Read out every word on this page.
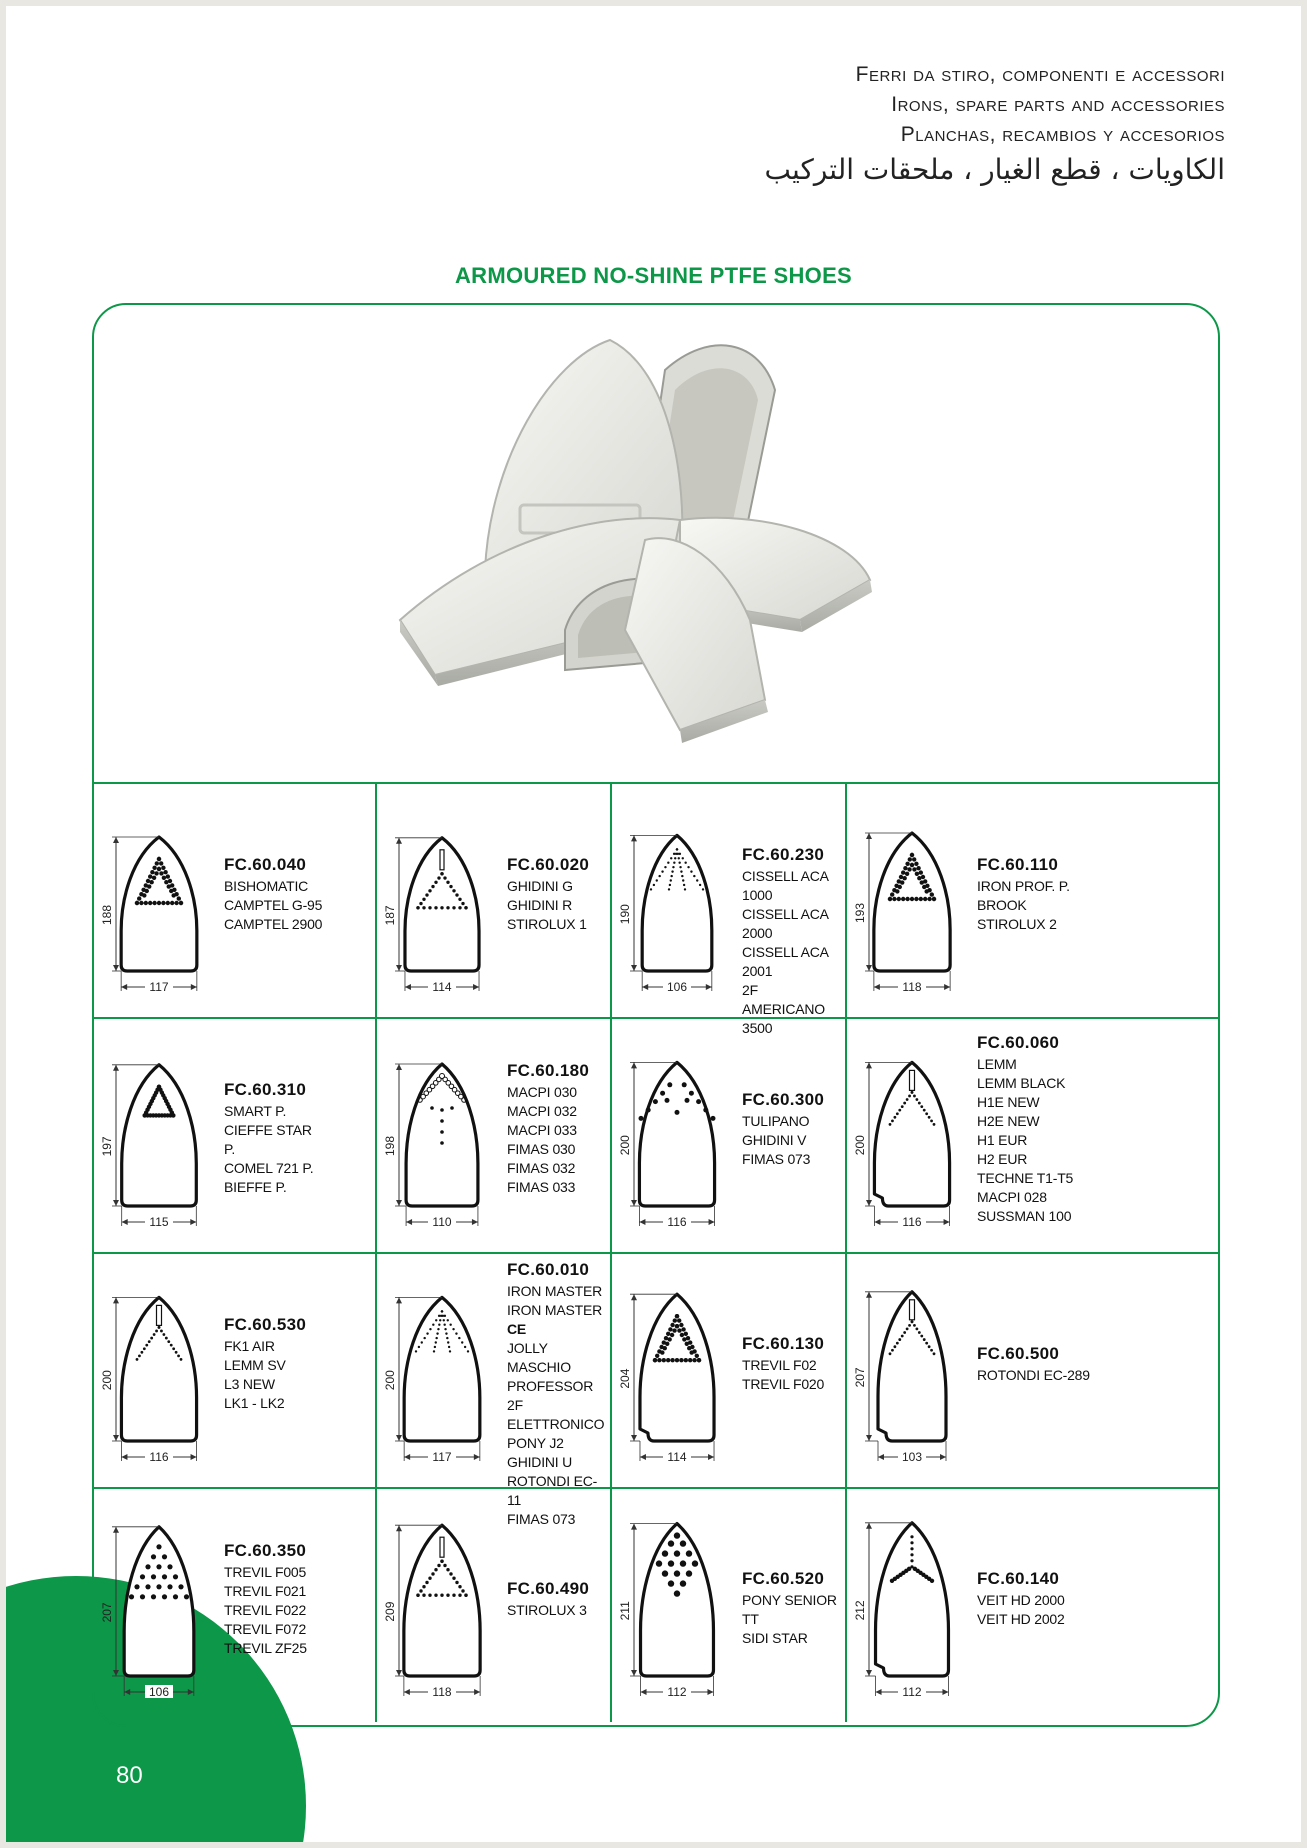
80
Ferri da stiro, componenti e accessori
Irons, spare parts and accessories
Planchas, recambios y accesorios
الكاويات ، قطع الغيار ، ملحقات التركيب
ARMOURED NO-SHINE PTFE SHOES
188
117
FC.60.040
BISHOMATIC
CAMPTEL G-95
CAMPTEL 2900	187
114
FC.60.020
GHIDINI G
GHIDINI R
STIROLUX 1	190
106
FC.60.230
CISSELL ACA 1000
CISSELL ACA 2000
CISSELL ACA 2001
2F AMERICANO 3500
193
118
FC.60.110
IRON PROF. P.
BROOK
STIROLUX 2
197
115
FC.60.310
SMART P.
CIEFFE STAR P.
COMEL 721 P.
BIEFFE P.
198
110
FC.60.180
MACPI 030
MACPI 032
MACPI 033
FIMAS 030
FIMAS 032
FIMAS 033
200
116
FC.60.300
TULIPANO
GHIDINI V
FIMAS 073
200
116
FC.60.060
LEMM
LEMM BLACK
H1E NEW
H2E NEW
H1 EUR
H2 EUR
TECHNE T1-T5
MACPI 028
SUSSMAN 100
200
116
FC.60.530
FK1 AIR
LEMM SV
L3 NEW
LK1 - LK2
200
117
FC.60.010
IRON MASTER
IRON MASTER CE
JOLLY
MASCHIO
PROFESSOR
2F ELETTRONICO
PONY J2
GHIDINI U
ROTONDI EC-11
FIMAS 073
204
114
FC.60.130
TREVIL F02
TREVIL F020 207
103
FC.60.500
ROTONDI EC-289
207
106
FC.60.350
TREVIL F005
TREVIL F021
TREVIL F022
TREVIL F072
TREVIL ZF25
209
118
FC.60.490
STIROLUX 3	211
112
FC.60.520
PONY SENIOR TT
SIDI STAR
212
112
FC.60.140
VEIT HD 2000
VEIT HD 2002
